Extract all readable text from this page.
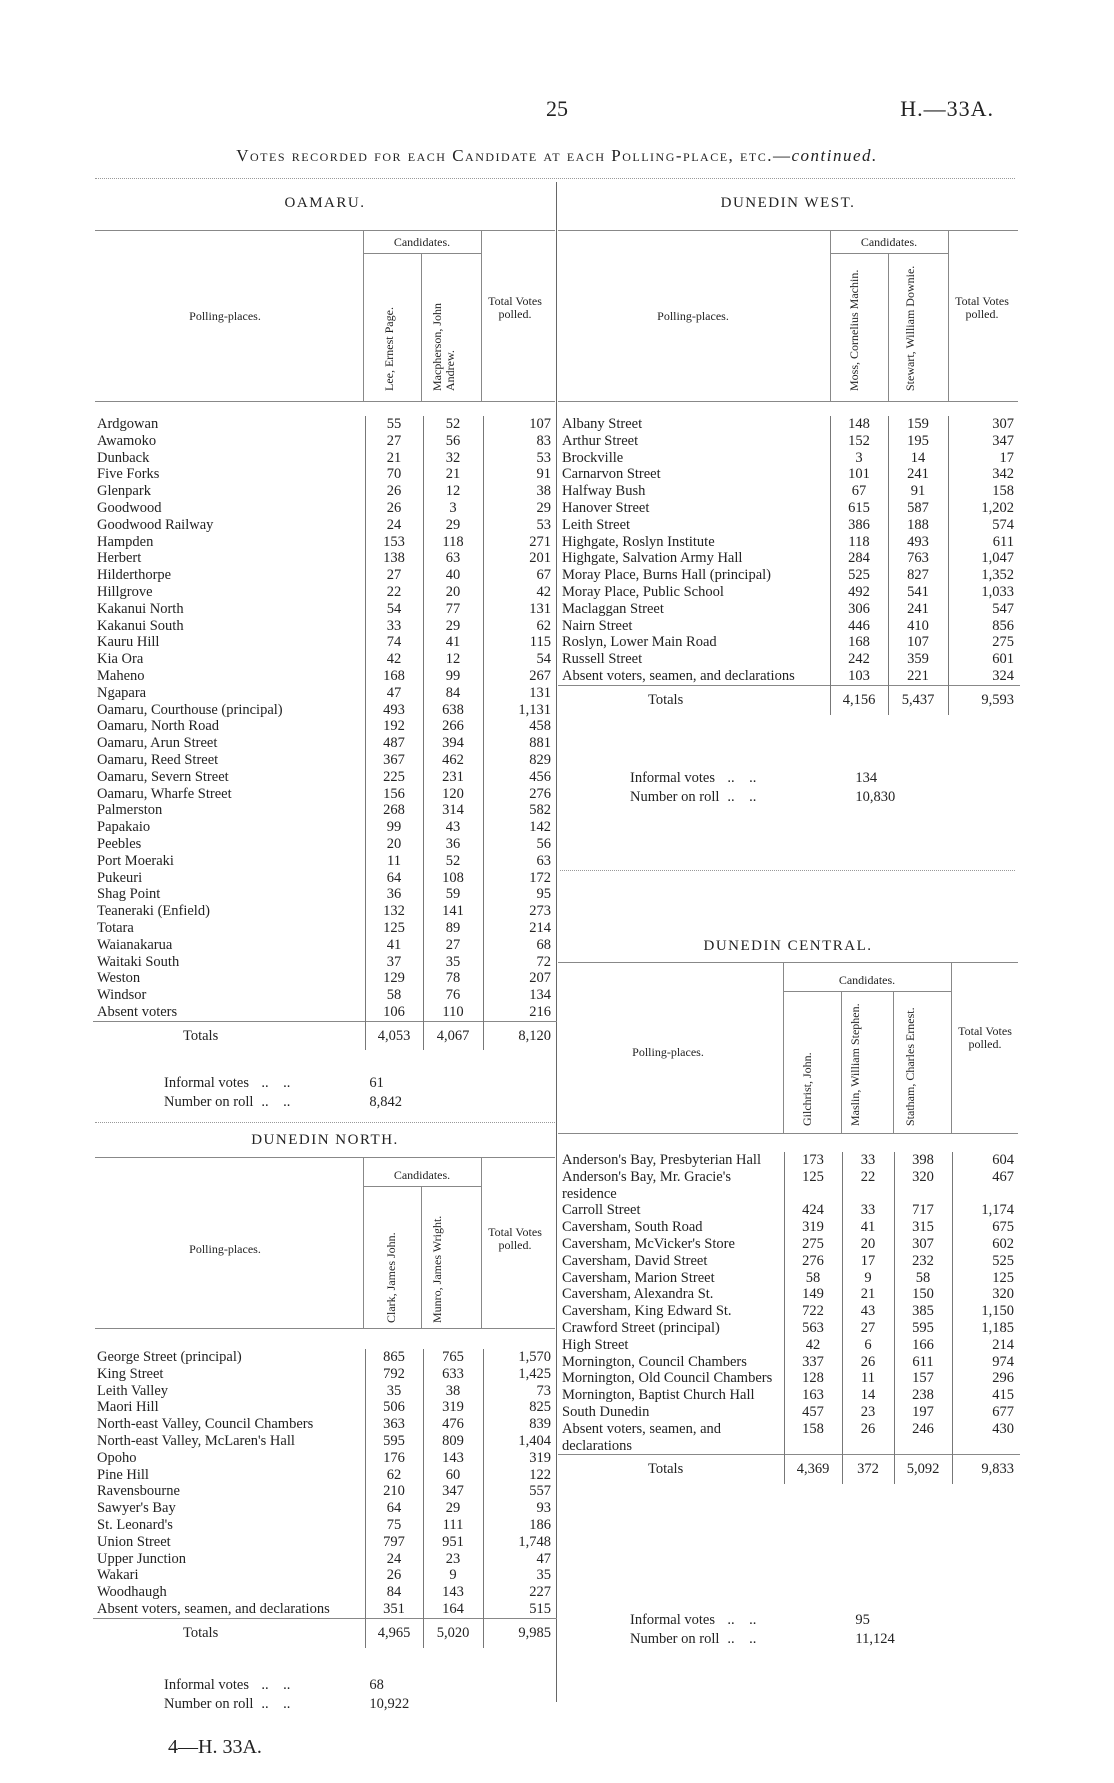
25	H.—33A.
Votes recorded for each Candidate at each Polling-place, etc.—continued.
OAMARU.
Polling-places.
Candidates.
Lee, Ernest Page.	Macpherson, John Andrew.
Total Votes polled.
Ardgowan	55	52	107
Awamoko	27	56	83
Dunback	21	32	53
Five Forks	70	21	91
Glenpark	26	12	38
Goodwood	26	3	29
Goodwood Railway	24	29	53
Hampden	153	118	271
Herbert	138	63	201
Hilderthorpe	27	40	67
Hillgrove	22	20	42
Kakanui North	54	77	131
Kakanui South	33	29	62
Kauru Hill	74	41	115
Kia Ora	42	12	54
Maheno	168	99	267
Ngapara	47	84	131
Oamaru, Courthouse (principal)	493	638	1,131
Oamaru, North Road	192	266	458
Oamaru, Arun Street	487	394	881
Oamaru, Reed Street	367	462	829
Oamaru, Severn Street	225	231	456
Oamaru, Wharfe Street	156	120	276
Palmerston	268	314	582
Papakaio	99	43	142
Peebles	20	36	56
Port Moeraki	11	52	63
Pukeuri	64	108	172
Shag Point	36	59	95
Teaneraki (Enfield)	132	141	273
Totara	125	89	214
Waianakarua	41	27	68
Waitaki South	37	35	72
Weston	129	78	207
Windsor	58	76	134
Absent voters	106	110	216
Totals	4,053	4,067	8,120
Informal votes	..    ..	61
Number on roll	..    ..	8,842
DUNEDIN NORTH.
Polling-places.
Candidates.
Clark, James John.	Munro, James Wright.	Total Votes polled.
George Street (principal)	865	765	1,570
King Street	792	633	1,425
Leith Valley	35	38	73
Maori Hill	506	319	825
North-east Valley, Council Chambers	363	476	839
North-east Valley, McLaren's Hall	595	809	1,404
Opoho	176	143	319
Pine Hill	62	60	122
Ravensbourne	210	347	557
Sawyer's Bay	64	29	93
St. Leonard's	75	111	186
Union Street	797	951	1,748
Upper Junction	24	23	47
Wakari	26	9	35
Woodhaugh	84	143	227
Absent voters, seamen, and declarations	351	164	515
Totals	4,965	5,020	9,985
Informal votes	..    ..	68
Number on roll	..    ..	10,922
DUNEDIN WEST.
Polling-places.
Candidates.
Moss, Cornelius Machin.	Stewart, William Downie.	Total Votes polled.
Albany Street	148	159	307
Arthur Street	152	195	347
Brockville	3	14	17
Carnarvon Street	101	241	342
Halfway Bush	67	91	158
Hanover Street	615	587	1,202
Leith Street	386	188	574
Highgate, Roslyn Institute	118	493	611
Highgate, Salvation Army Hall	284	763	1,047
Moray Place, Burns Hall (principal)	525	827	1,352
Moray Place, Public School	492	541	1,033
Maclaggan Street	306	241	547
Nairn Street	446	410	856
Roslyn, Lower Main Road	168	107	275
Russell Street	242	359	601
Absent voters, seamen, and declarations	103	221	324
Totals	4,156	5,437	9,593
Informal votes	..    ..	134
Number on roll	..    ..	10,830
DUNEDIN CENTRAL.
Polling-places.
Candidates.
Gilchrist, John.	Maslin, William Stephen.	Statham, Charles Ernest.	Total Votes polled.
Anderson's Bay, Presbyterian Hall	173	33	398	604
Anderson's Bay, Mr. Gracie's residence	125	22	320	467
Carroll Street	424	33	717	1,174
Caversham, South Road	319	41	315	675
Caversham, McVicker's Store	275	20	307	602
Caversham, David Street	276	17	232	525
Caversham, Marion Street	58	9	58	125
Caversham, Alexandra St.	149	21	150	320
Caversham, King Edward St.	722	43	385	1,150
Crawford Street (principal)	563	27	595	1,185
High Street	42	6	166	214
Mornington, Council Chambers	337	26	611	974
Mornington, Old Council Chambers	128	11	157	296
Mornington, Baptist Church Hall	163	14	238	415
South Dunedin	457	23	197	677
Absent voters, seamen, and declarations	158	26	246	430
Totals	4,369	372	5,092	9,833
Informal votes	..    ..	95
Number on roll	..    ..	11,124
4—H. 33A.
